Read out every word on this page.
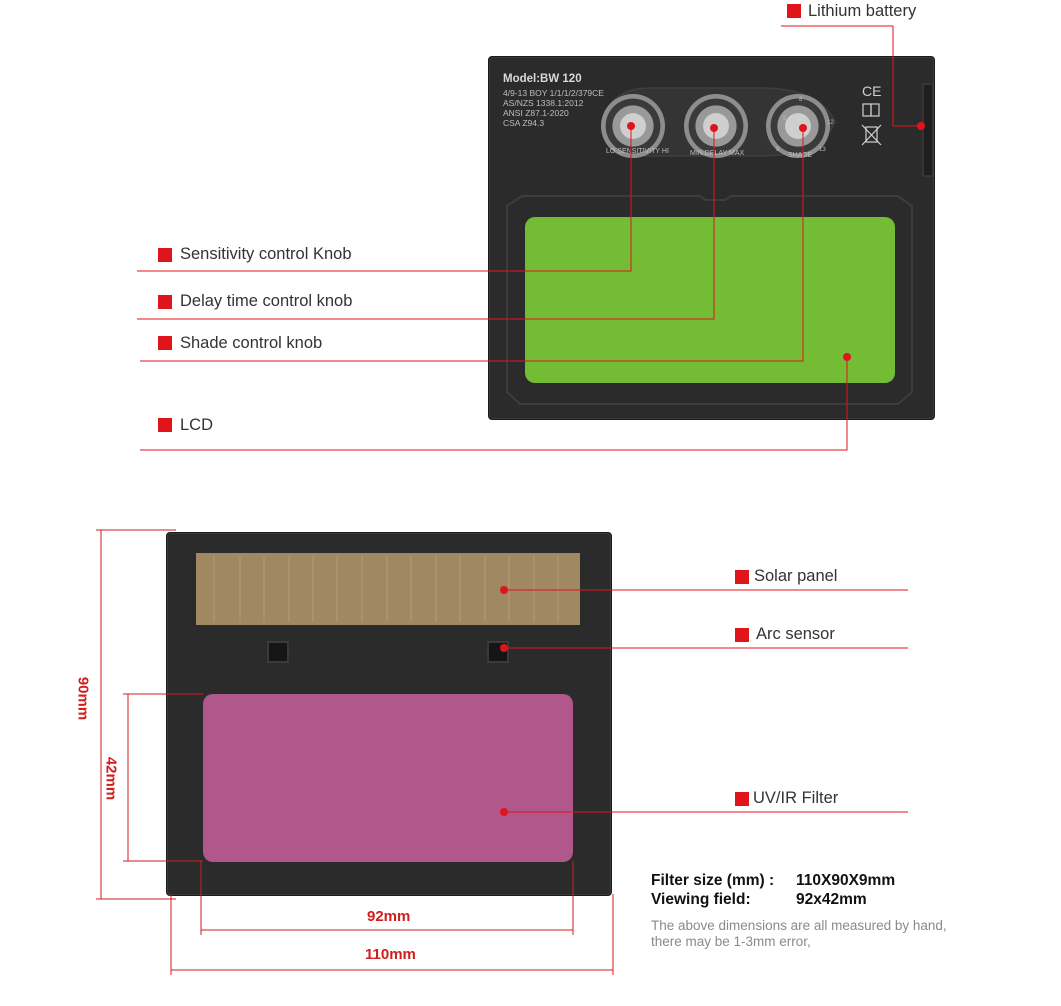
LO SENSITIVITY HI	MIN DELAY MAX	SHADE
5
8
9
12
13
Model:BW 120
4/9-13 BOY 1/1/1/2/379CE
AS/NZS 1338.1:2012
ANSI Z87.1-2020
CSA Z94.3
CE
Lithium battery
Sensitivity control Knob
Delay time control knob
Shade control knob
LCD
Solar panel
Arc sensor
UV/IR Filter
90mm
42mm
92mm
110mm
Filter size (mm) : 110X90X9mm
Viewing field:	92x42mm
The above dimensions are all measured by hand,
there may be 1-3mm error,
